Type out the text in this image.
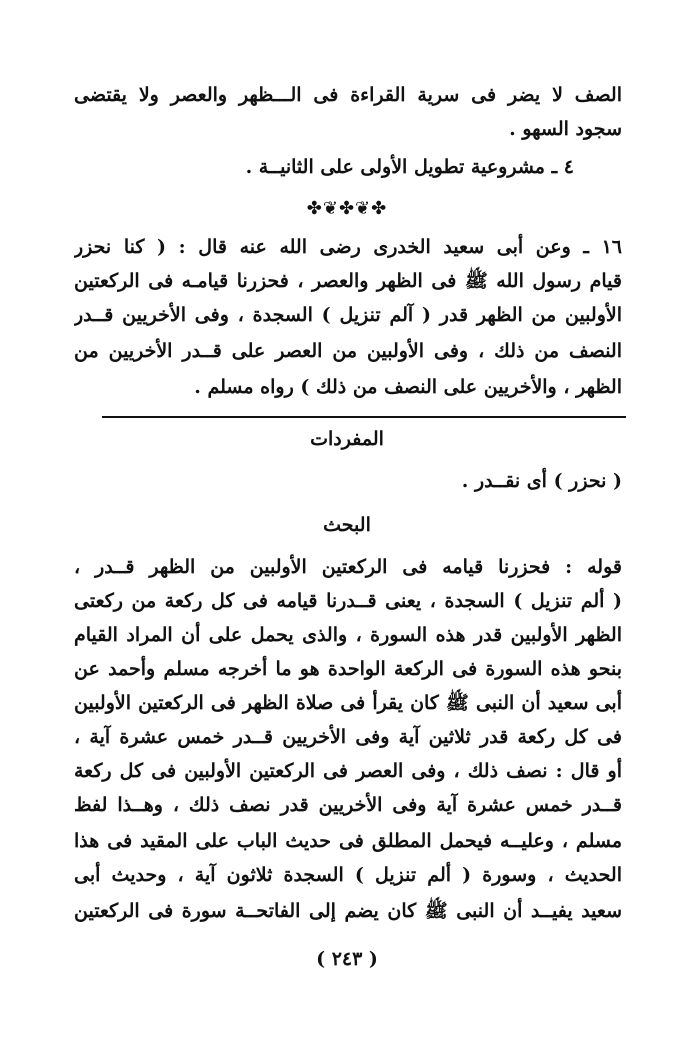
الصف لا يضر فى سرية القراءة فى الـــظهر والعصر ولا يقتضى
سجود السهو .
٤ ـ مشروعية تطويل الأولى على الثانيــة .
✤❦✤❦✤
١٦ ـ وعن أبى سعيد الخدرى رضى الله عنه قال : ( كنا نحزر
قيام رسول الله ﷺ فى الظهر والعصر ، فحزرنا قيامـه فى الركعتين
الأولبين من الظهر قدر ( آلم تنزيل ) السجدة ، وفى الأخريين قــدر
النصف من ذلك ، وفى الأولبين من العصر على قــدر الأخريين من
الظهر ، والأخريين على النصف من ذلك ) رواه مسلم .
المفردات
( نحزر ) أى نقــدر .
البحث
قوله : فحزرنا قيامه فى الركعتين الأولبين من الظهر قــدر ،
( ألم تنزيل ) السجدة ، يعنى قــدرنا قيامه فى كل ركعة من ركعتى
الظهر الأولبين قدر هذه السورة ، والذى يحمل على أن المراد القيام
بنحو هذه السورة فى الركعة الواحدة هو ما أخرجه مسلم وأحمد عن
أبى سعيد أن النبى ﷺ كان يقرأ فى صلاة الظهر فى الركعتين الأولبين
فى كل ركعة قدر ثلاثين آية وفى الأخريين قــدر خمس عشرة آية ،
أو قال : نصف ذلك ، وفى العصر فى الركعتين الأولبين فى كل ركعة
قــدر خمس عشرة آية وفى الأخريين قدر نصف ذلك ، وهــذا لفظ
مسلم ، وعليــه فيحمل المطلق فى حديث الباب على المقيد فى هذا
الحديث ، وسورة ( ألم تنزيل ) السجدة ثلاثون آية ، وحديث أبى
سعيد يفيــد أن النبى ﷺ كان يضم إلى الفاتحــة سورة فى الركعتين
( ٢٤٣ )
